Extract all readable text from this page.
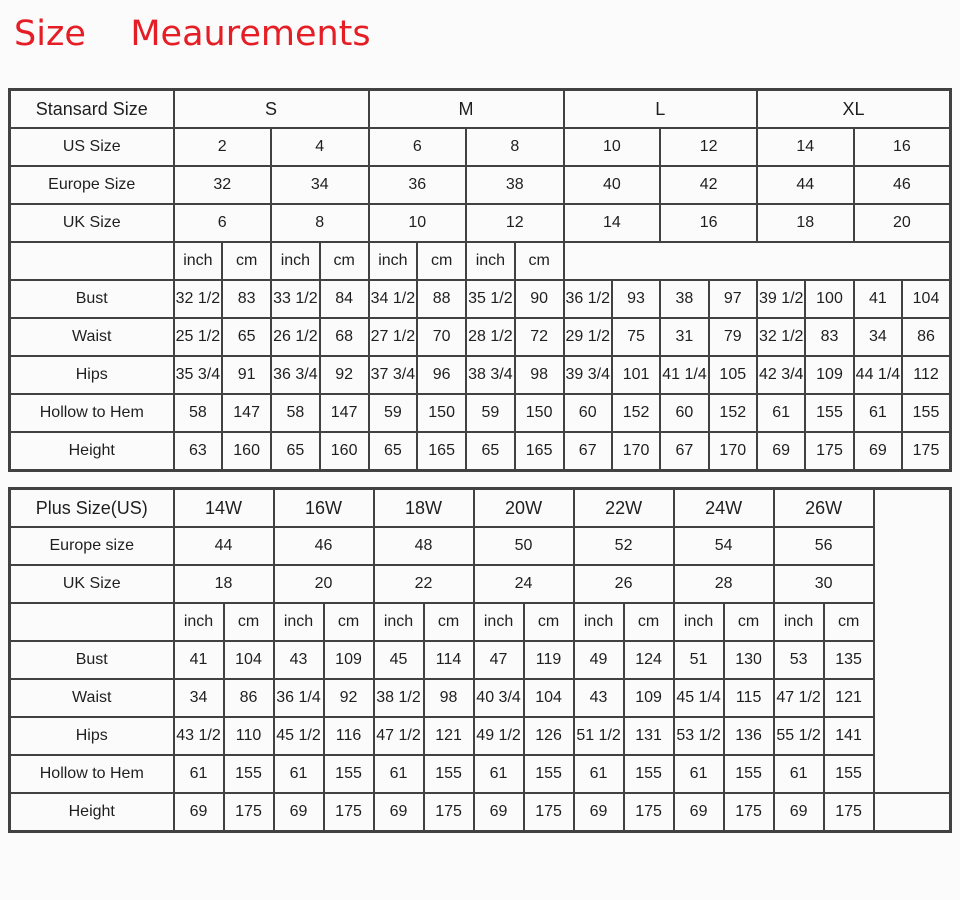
Size    Meaurements
Stansard Size	S				M				L				XL			
US Size	2		4		6		8		10		12		14		16	
Europe Size	32		34		36		38		40		42		44		46	
UK Size	6		8		10		12		14		16		18		20	
	inch	cm	inch	cm	inch	cm	inch	cm								
Bust	32 1/2	83	33 1/2	84	34 1/2	88	35 1/2	90	36 1/2	93	38	97	39 1/2	100	41	104
Waist	25 1/2	65	26 1/2	68	27 1/2	70	28 1/2	72	29 1/2	75	31	79	32 1/2	83	34	86
Hips	35 3/4	91	36 3/4	92	37 3/4	96	38 3/4	98	39 3/4	101	41 1/4	105	42 3/4	109	44 1/4	112
Hollow to Hem	58	147	58	147	59	150	59	150	60	152	60	152	61	155	61	155
Height	63	160	65	160	65	165	65	165	67	170	67	170	69	175	69	175
Plus Size(US)	14W		16W		18W		20W		22W		24W		26W		
Europe size	44		46		48		50		52		54		56		
UK Size	18		20		22		24		26		28		30		
	inch	cm	inch	cm	inch	cm	inch	cm	inch	cm	inch	cm	inch	cm	
Bust	41	104	43	109	45	114	47	119	49	124	51	130	53	135	
Waist	34	86	36 1/4	92	38 1/2	98	40 3/4	104	43	109	45 1/4	115	47 1/2	121	
Hips	43 1/2	110	45 1/2	116	47 1/2	121	49 1/2	126	51 1/2	131	53 1/2	136	55 1/2	141	
Hollow to Hem	61	155	61	155	61	155	61	155	61	155	61	155	61	155	
Height	69	175	69	175	69	175	69	175	69	175	69	175	69	175	
